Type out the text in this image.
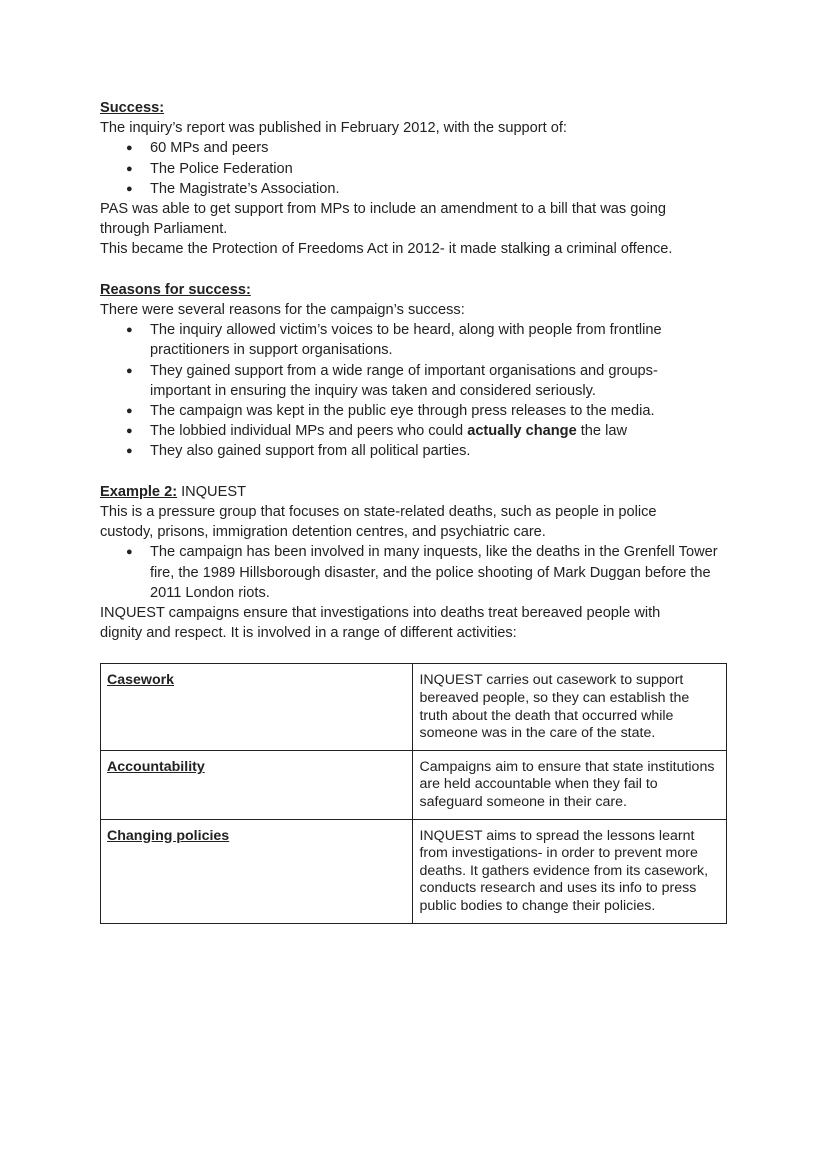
Success:
The inquiry’s report was published in February 2012, with the support of:
● 60 MPs and peers
● The Police Federation
● The Magistrate’s Association.
PAS was able to get support from MPs to include an amendment to a bill that was going through Parliament.
This became the Protection of Freedoms Act in 2012- it made stalking a criminal offence.
Reasons for success:
There were several reasons for the campaign’s success:
● The inquiry allowed victim’s voices to be heard, along with people from frontline practitioners in support organisations.
● They gained support from a wide range of important organisations and groups- important in ensuring the inquiry was taken and considered seriously.
● The campaign was kept in the public eye through press releases to the media.
● The lobbied individual MPs and peers who could actually change the law
● They also gained support from all political parties.
Example 2: INQUEST
This is a pressure group that focuses on state-related deaths, such as people in police custody, prisons, immigration detention centres, and psychiatric care.
● The campaign has been involved in many inquests, like the deaths in the Grenfell Tower fire, the 1989 Hillsborough disaster, and the police shooting of Mark Duggan before the 2011 London riots.
INQUEST campaigns ensure that investigations into deaths treat bereaved people with dignity and respect. It is involved in a range of different activities:
Casework	INQUEST carries out casework to support bereaved people, so they can establish the truth about the death that occurred while someone was in the care of the state.
Accountability	Campaigns aim to ensure that state institutions are held accountable when they fail to safeguard someone in their care.
Changing policies	INQUEST aims to spread the lessons learnt from investigations- in order to prevent more deaths. It gathers evidence from its casework, conducts research and uses its info to press public bodies to change their policies.
